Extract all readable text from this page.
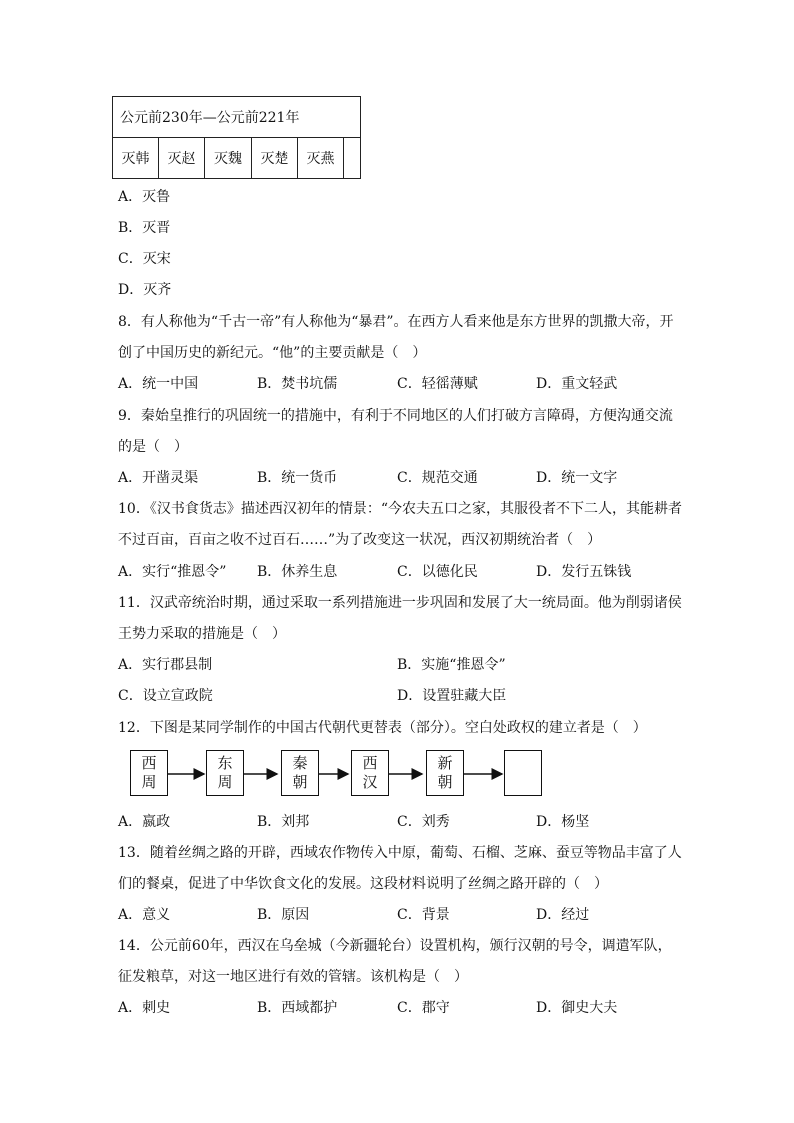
公元前230年—公元前221年
灭韩	灭赵	灭魏	灭楚	灭燕	
A．灭鲁
B．灭晋
C．灭宋
D．灭齐
8．有人称他为“千古一帝”有人称他为“暴君”。在西方人看来他是东方世界的凯撒大帝，开
创了中国历史的新纪元。“他”的主要贡献是（　）
A．统一中国	B．焚书坑儒	C．轻徭薄赋	D．重文轻武
9．秦始皇推行的巩固统一的措施中，有利于不同地区的人们打破方言障碍，方便沟通交流
的是（　）
A．开凿灵渠	B．统一货币	C．规范交通	D．统一文字
10．《汉书食货志》描述西汉初年的情景：“今农夫五口之家，其服役者不下二人，其能耕者
不过百亩，百亩之收不过百石……”为了改变这一状况，西汉初期统治者（　）
A．实行“推恩令” B．休养生息	C．以德化民	D．发行五铢钱
11．汉武帝统治时期，通过采取一系列措施进一步巩固和发展了大一统局面。他为削弱诸侯
王势力采取的措施是（　）
A．实行郡县制	B．实施“推恩令”
C．设立宣政院	D．设置驻藏大臣
12．下图是某同学制作的中国古代朝代更替表（部分）。空白处政权的建立者是（　）
西
周
东
周
秦
朝
西
汉
新
朝
A．嬴政	B．刘邦	C．刘秀	D．杨坚
13．随着丝绸之路的开辟，西域农作物传入中原，葡萄、石榴、芝麻、蚕豆等物品丰富了人
们的餐桌，促进了中华饮食文化的发展。这段材料说明了丝绸之路开辟的（　）
A．意义	B．原因	C．背景	D．经过
14．公元前60年，西汉在乌垒城（今新疆轮台）设置机构，颁行汉朝的号令，调遣军队，
征发粮草，对这一地区进行有效的管辖。该机构是（　）
A．刺史	B．西域都护	C．郡守	D．御史大夫
